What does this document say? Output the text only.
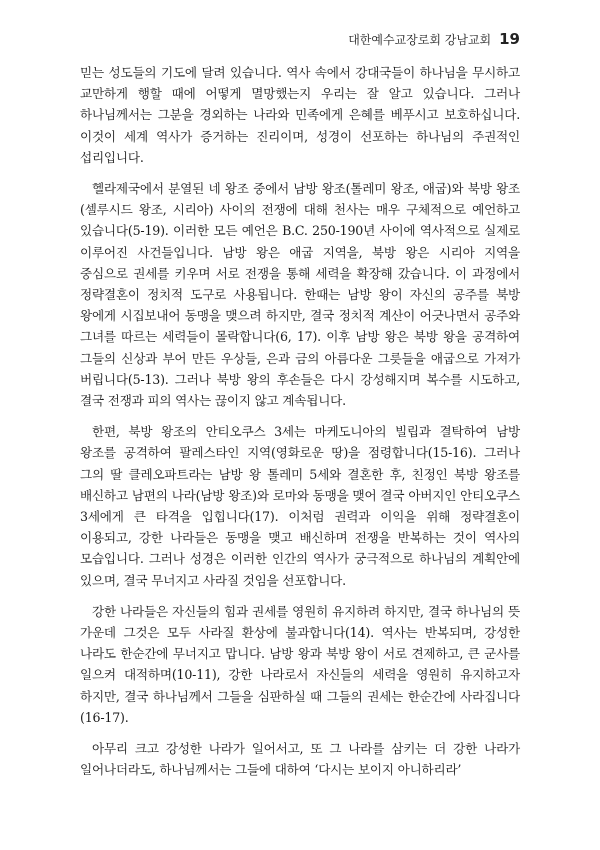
대한예수교장로회 강남교회 19

믿는 성도들의 기도에 달려 있습니다. 역사 속에서 강대국들이 하나님을 무시하고 교만하게 행할 때에 어떻게 멸망했는지 우리는 잘 알고 있습니다. 그러나 하나님께서는 그분을 경외하는 나라와 민족에게 은혜를 베푸시고 보호하십니다. 이것이 세계 역사가 증거하는 진리이며, 성경이 선포하는 하나님의 주권적인 섭리입니다.

헬라제국에서 분열된 네 왕조 중에서 남방 왕조(톨레미 왕조, 애굽)와 북방 왕조(셀루시드 왕조, 시리아) 사이의 전쟁에 대해 천사는 매우 구체적으로 예언하고 있습니다(5-19). 이러한 모든 예언은 B.C. 250-190년 사이에 역사적으로 실제로 이루어진 사건들입니다. 남방 왕은 애굽 지역을, 북방 왕은 시리아 지역을 중심으로 권세를 키우며 서로 전쟁을 통해 세력을 확장해 갔습니다. 이 과정에서 정략결혼이 정치적 도구로 사용됩니다. 한때는 남방 왕이 자신의 공주를 북방 왕에게 시집보내어 동맹을 맺으려 하지만, 결국 정치적 계산이 어긋나면서 공주와 그녀를 따르는 세력들이 몰락합니다(6, 17). 이후 남방 왕은 북방 왕을 공격하여 그들의 신상과 부어 만든 우상들, 은과 금의 아름다운 그릇들을 애굽으로 가져가 버립니다(5-13). 그러나 북방 왕의 후손들은 다시 강성해지며 복수를 시도하고, 결국 전쟁과 피의 역사는 끊이지 않고 계속됩니다.

한편, 북방 왕조의 안티오쿠스 3세는 마케도니아의 빌립과 결탁하여 남방 왕조를 공격하여 팔레스타인 지역(영화로운 땅)을 점령합니다(15-16). 그러나 그의 딸 클레오파트라는 남방 왕 톨레미 5세와 결혼한 후, 친정인 북방 왕조를 배신하고 남편의 나라(남방 왕조)와 로마와 동맹을 맺어 결국 아버지인 안티오쿠스 3세에게 큰 타격을 입힙니다(17). 이처럼 권력과 이익을 위해 정략결혼이 이용되고, 강한 나라들은 동맹을 맺고 배신하며 전쟁을 반복하는 것이 역사의 모습입니다. 그러나 성경은 이러한 인간의 역사가 궁극적으로 하나님의 계획안에 있으며, 결국 무너지고 사라질 것임을 선포합니다.

강한 나라들은 자신들의 힘과 권세를 영원히 유지하려 하지만, 결국 하나님의 뜻 가운데 그것은 모두 사라질 환상에 불과합니다(14). 역사는 반복되며, 강성한 나라도 한순간에 무너지고 맙니다. 남방 왕과 북방 왕이 서로 견제하고, 큰 군사를 일으켜 대적하며(10-11), 강한 나라로서 자신들의 세력을 영원히 유지하고자 하지만, 결국 하나님께서 그들을 심판하실 때 그들의 권세는 한순간에 사라집니다(16-17).

아무리 크고 강성한 나라가 일어서고, 또 그 나라를 삼키는 더 강한 나라가 일어나더라도, 하나님께서는 그들에 대하여 ‘다시는 보이지 아니하리라’
